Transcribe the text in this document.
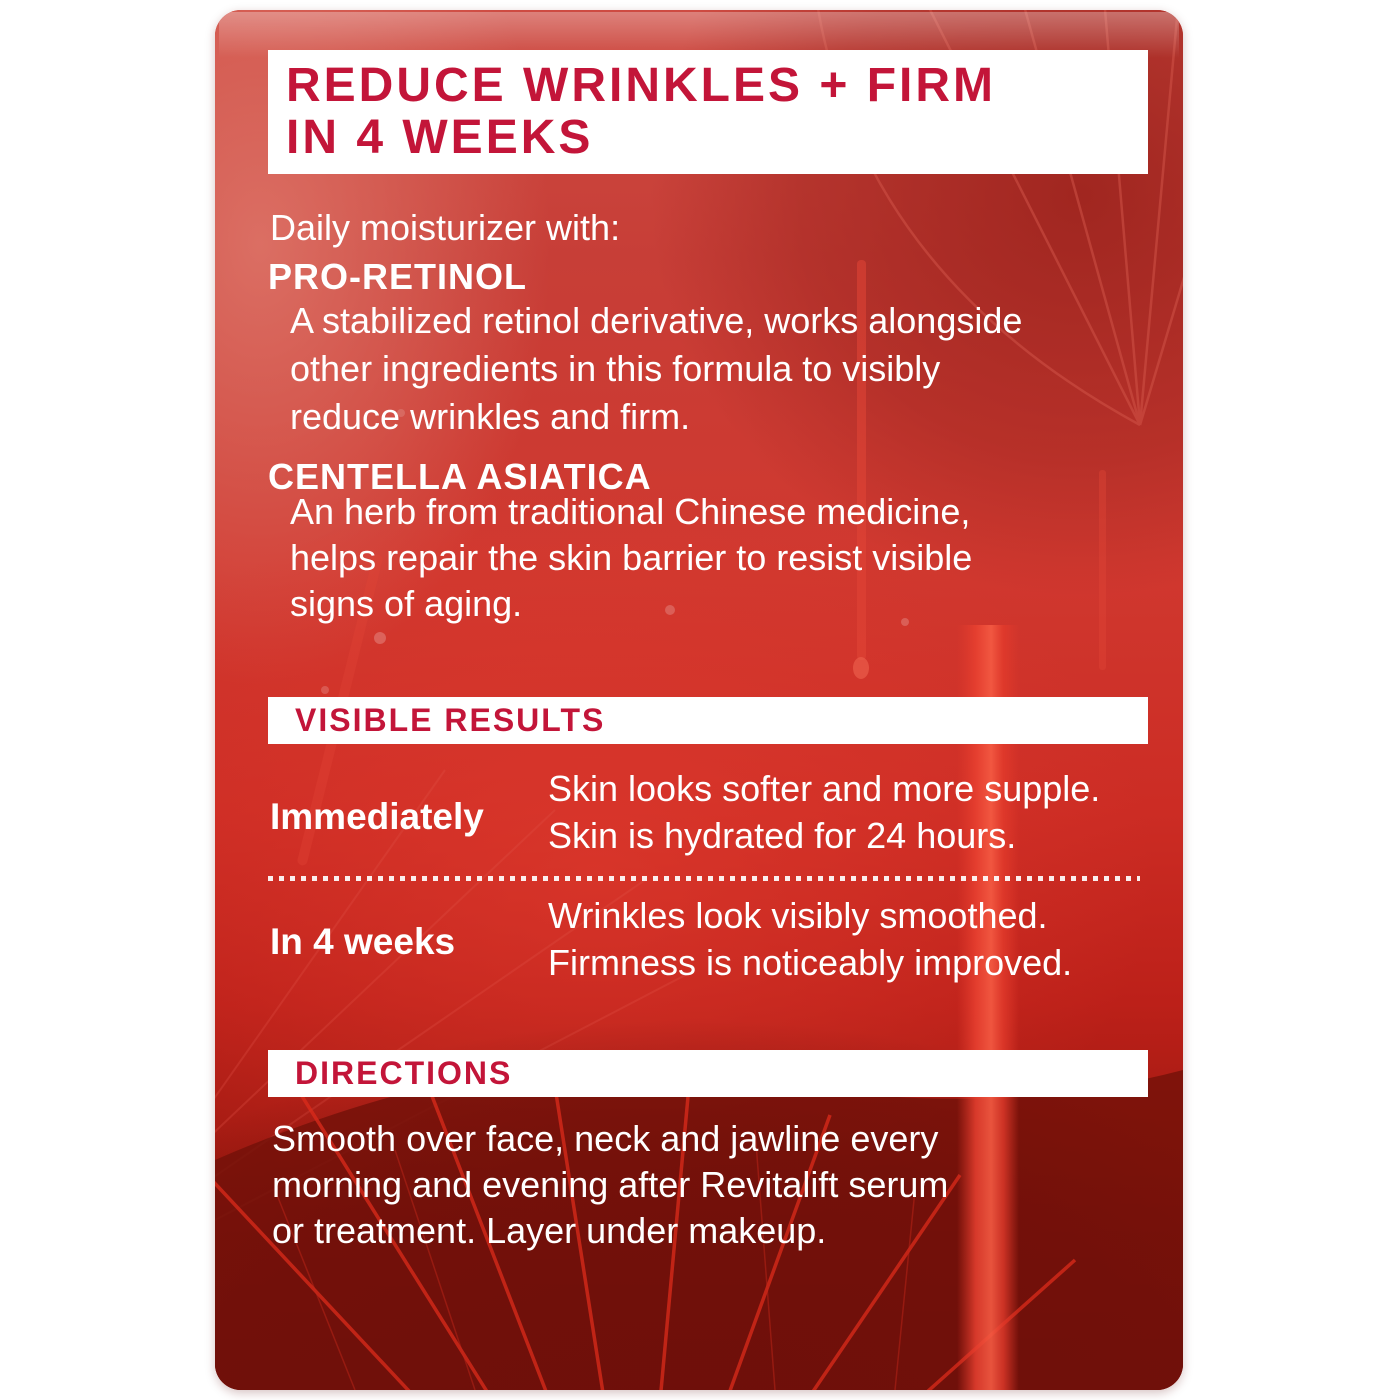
REDUCE WRINKLES + FIRM
IN 4 WEEKS
Daily moisturizer with:
PRO-RETINOL
A stabilized retinol derivative, works alongside
other ingredients in this formula to visibly
reduce wrinkles and firm.
CENTELLA ASIATICA
An herb from traditional Chinese medicine,
helps repair the skin barrier to resist visible
signs of aging.
VISIBLE RESULTS
Immediately
Skin looks softer and more supple.
Skin is hydrated for 24 hours.
In 4 weeks
Wrinkles look visibly smoothed.
Firmness is noticeably improved.
DIRECTIONS
Smooth over face, neck and jawline every
morning and evening after Revitalift serum
or treatment. Layer under makeup.
